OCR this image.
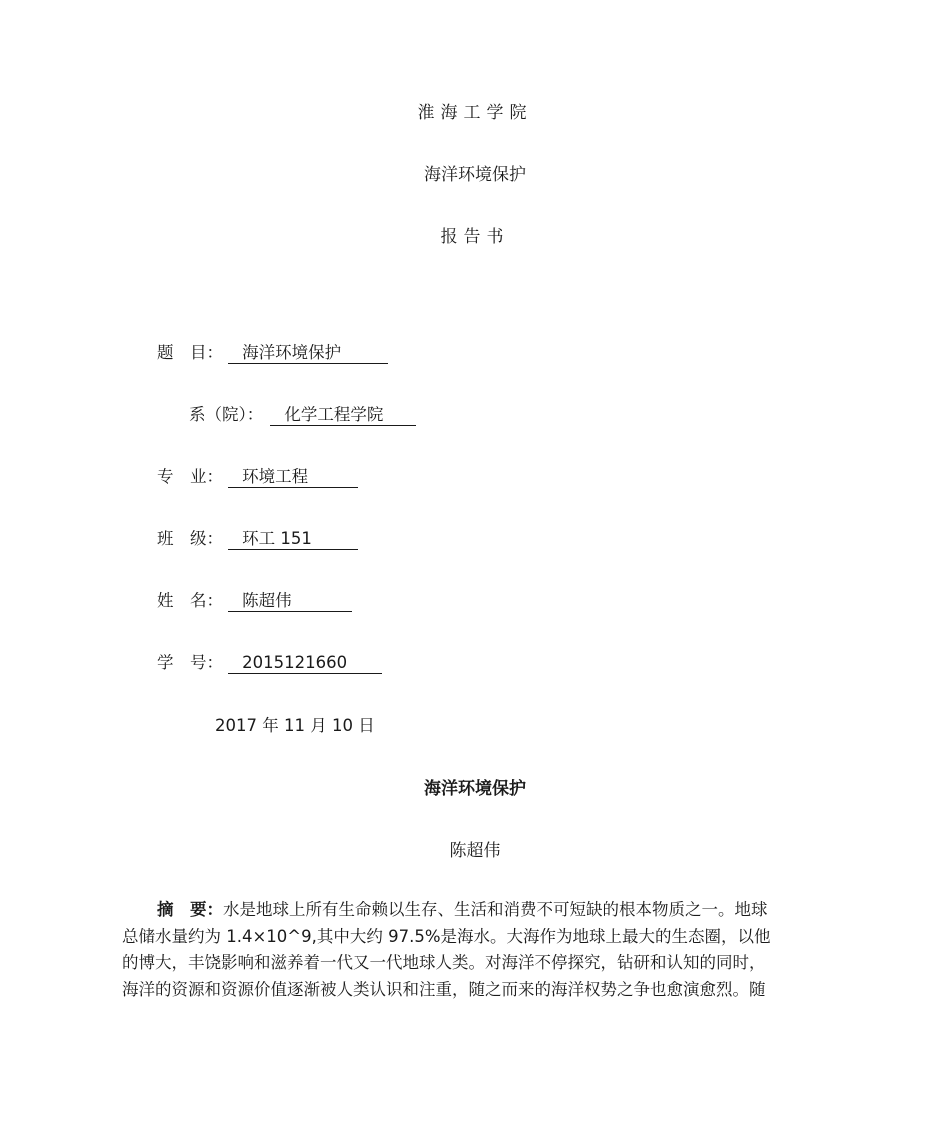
淮海工学院
海洋环境保护
报告书
题　目： 海洋环境保护
系（院）： 化学工程学院
专　业： 环境工程
班　级： 环工 151
姓　名： 陈超伟
学　号： 2015121660
2017 年 11 月 10 日
海洋环境保护
陈超伟
摘　要：水是地球上所有生命赖以生存、生活和消费不可短缺的根本物质之一。地球
总储水量约为 1.4×10^9,其中大约 97.5%是海水。大海作为地球上最大的生态圈，以他
的博大，丰饶影响和滋养着一代又一代地球人类。对海洋不停探究，钻研和认知的同时，
海洋的资源和资源价值逐渐被人类认识和注重，随之而来的海洋权势之争也愈演愈烈。随
